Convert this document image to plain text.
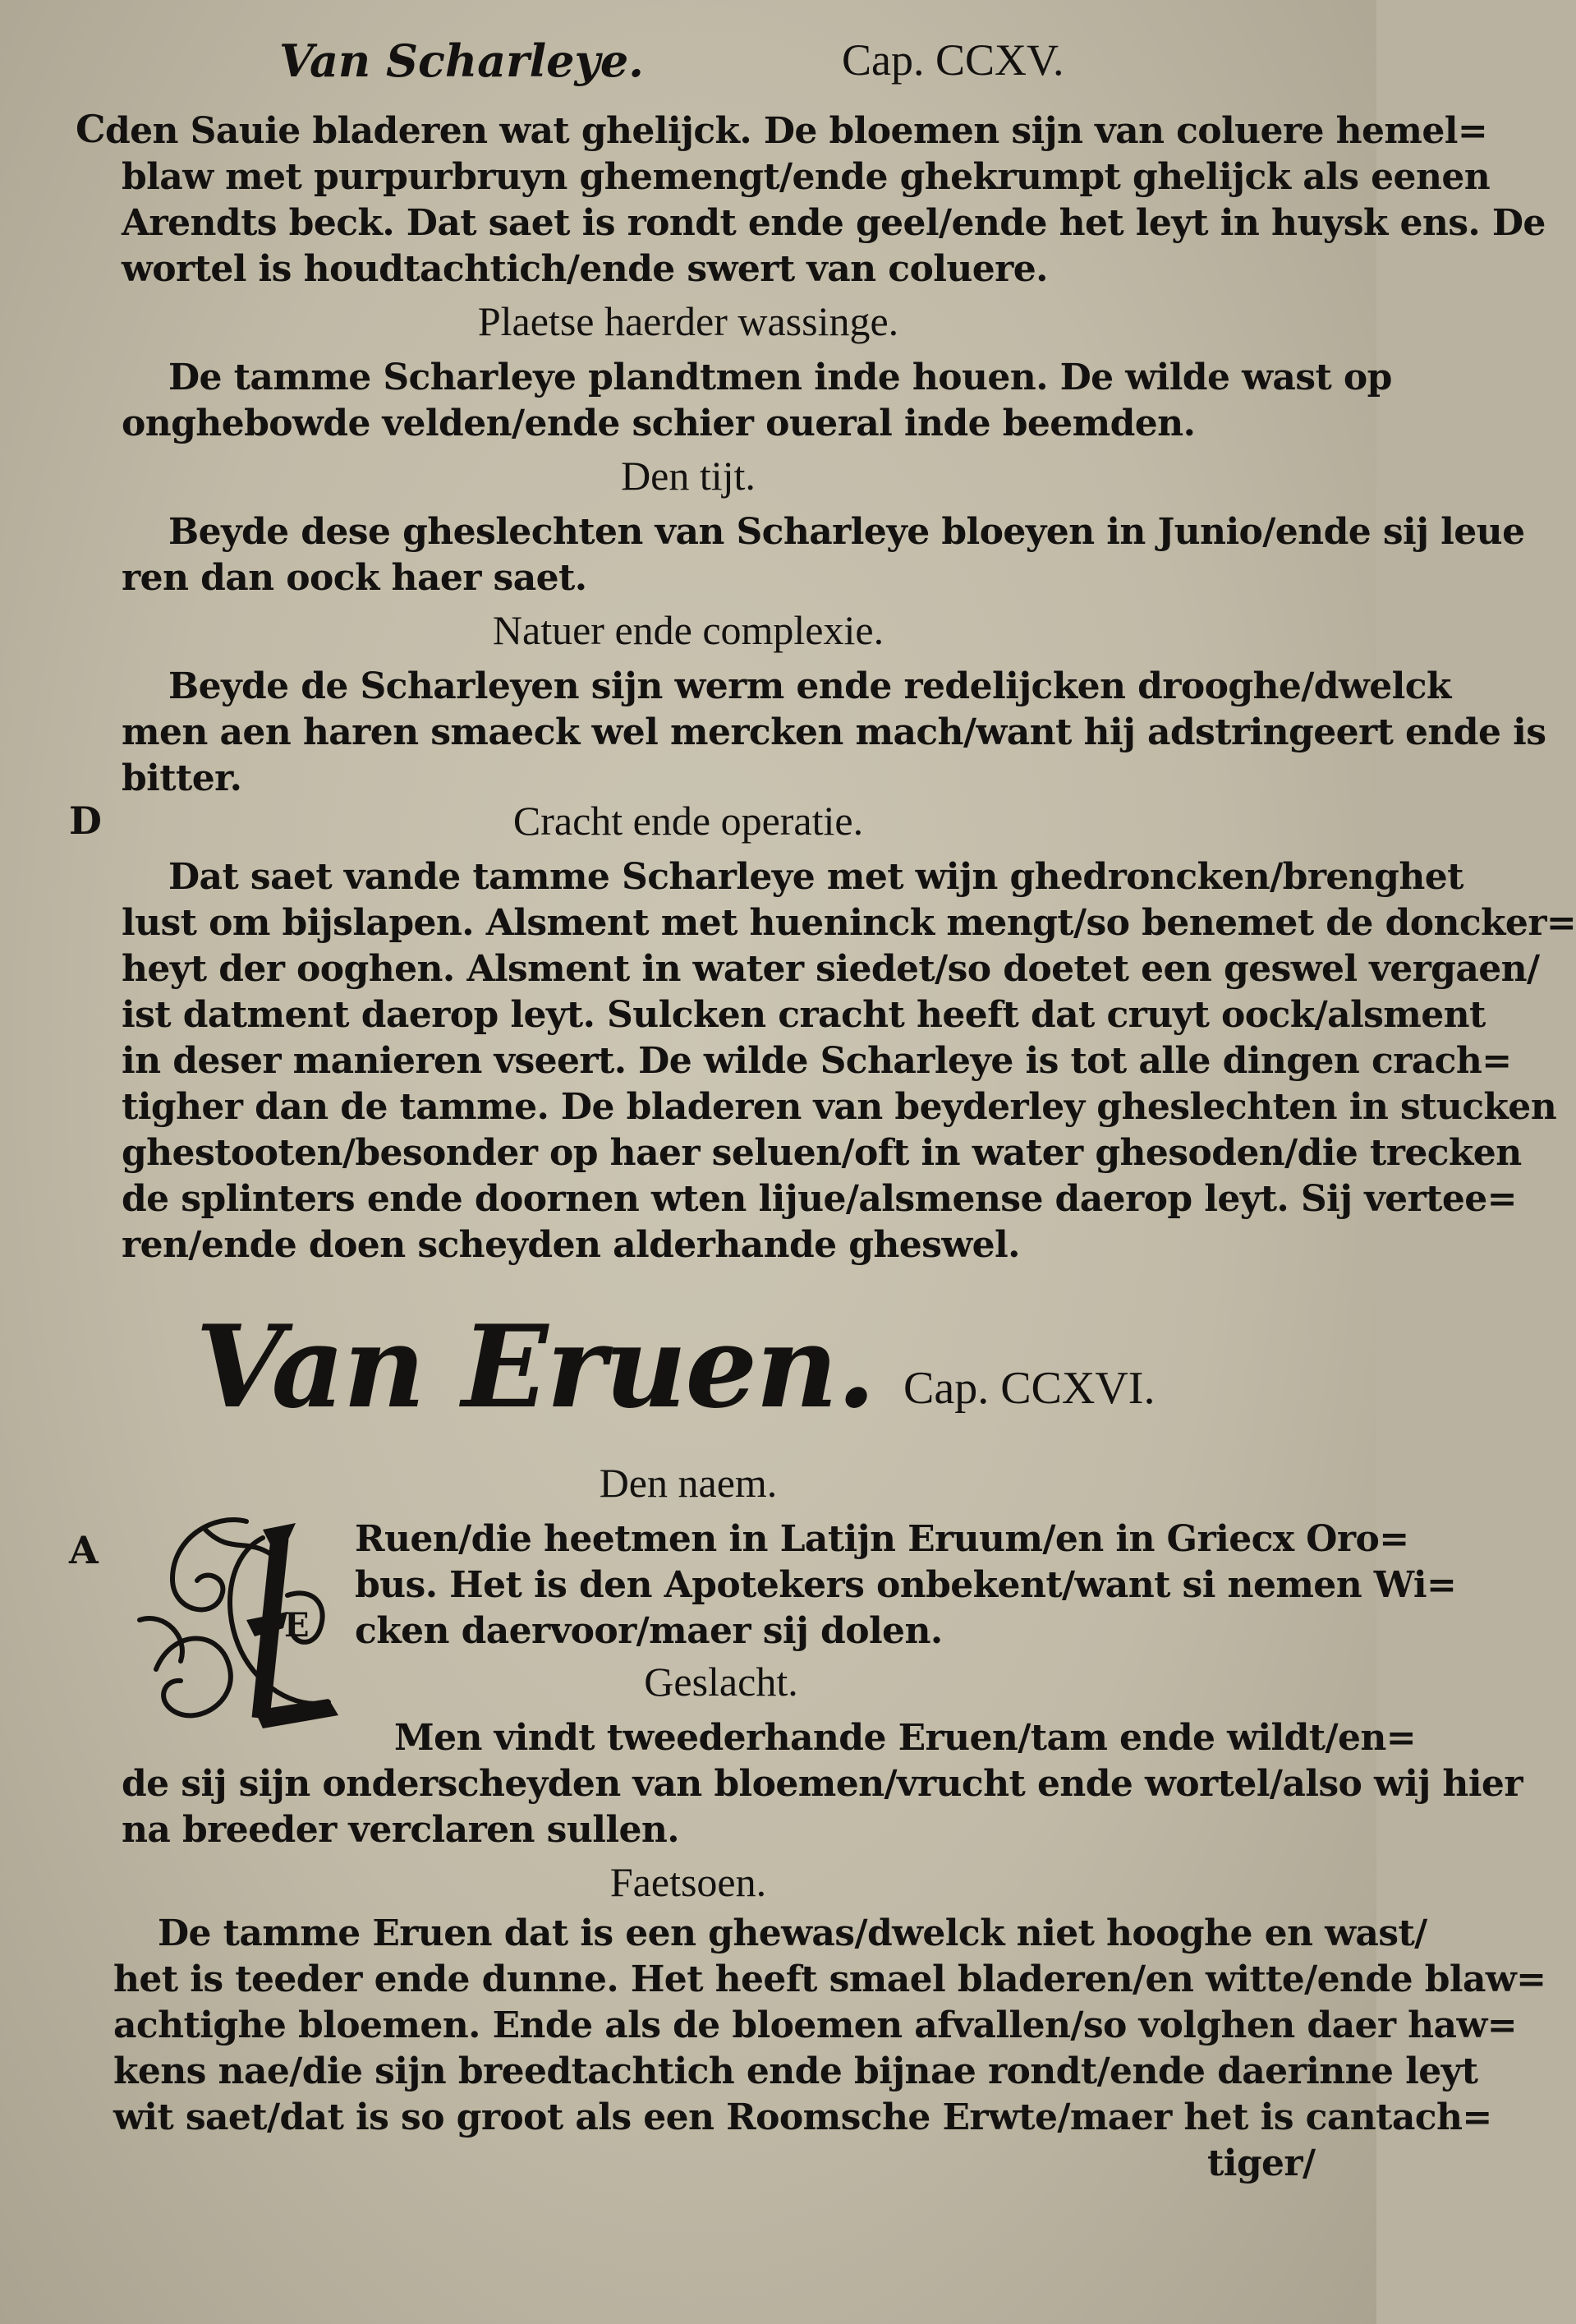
Van Scharleye.	Cap. CCXV.
C
D
A
den Sauie bladeren wat ghelijck. De bloemen sijn van coluere hemel=
blaw met purpurbruyn ghemengt/ende ghekrumpt ghelijck als eenen
Arendts beck. Dat saet is rondt ende geel/ende het leyt in huysk ens. De
wortel is houdtachtich/ende swert van coluere.
Plaetse haerder wassinge.
De tamme Scharleye plandtmen inde houen. De wilde wast op
onghebowde velden/ende schier oueral inde beemden.
Den tijt.
Beyde dese gheslechten van Scharleye bloeyen in Junio/ende sij leue
ren dan oock haer saet.
Natuer ende complexie.
Beyde de Scharleyen sijn werm ende redelijcken drooghe/dwelck
men aen haren smaeck wel mercken mach/want hij adstringeert ende is
bitter.
Cracht ende operatie.
Dat saet vande tamme Scharleye met wijn ghedroncken/brenghet
lust om bijslapen. Alsment met hueninck mengt/so benemet de doncker=
heyt der ooghen. Alsment in water siedet/so doetet een geswel vergaen/
ist datment daerop leyt. Sulcken cracht heeft dat cruyt oock/alsment
in deser manieren vseert. De wilde Scharleye is tot alle dingen crach=
tigher dan de tamme. De bladeren van beyderley gheslechten in stucken
ghestooten/besonder op haer seluen/oft in water ghesoden/die trecken
de splinters ende doornen wten lijue/alsmense daerop leyt. Sij vertee=
ren/ende doen scheyden alderhande gheswel.
Van Eruen. Cap. CCXVI.
Den naem.
E
Ruen/die heetmen in Latijn Eruum/en in Griecx Oro=
bus. Het is den Apotekers onbekent/want si nemen Wi=
cken daervoor/maer sij dolen.
Geslacht.
Men vindt tweederhande Eruen/tam ende wildt/en=
de sij sijn onderscheyden van bloemen/vrucht ende wortel/also wij hier
na breeder verclaren sullen.
Faetsoen.
De tamme Eruen dat is een ghewas/dwelck niet hooghe en wast/
het is teeder ende dunne. Het heeft smael bladeren/en witte/ende blaw=
achtighe bloemen. Ende als de bloemen afvallen/so volghen daer haw=
kens nae/die sijn breedtachtich ende bijnae rondt/ende daerinne leyt
wit saet/dat is so groot als een Roomsche Erwte/maer het is cantach=
tiger/
